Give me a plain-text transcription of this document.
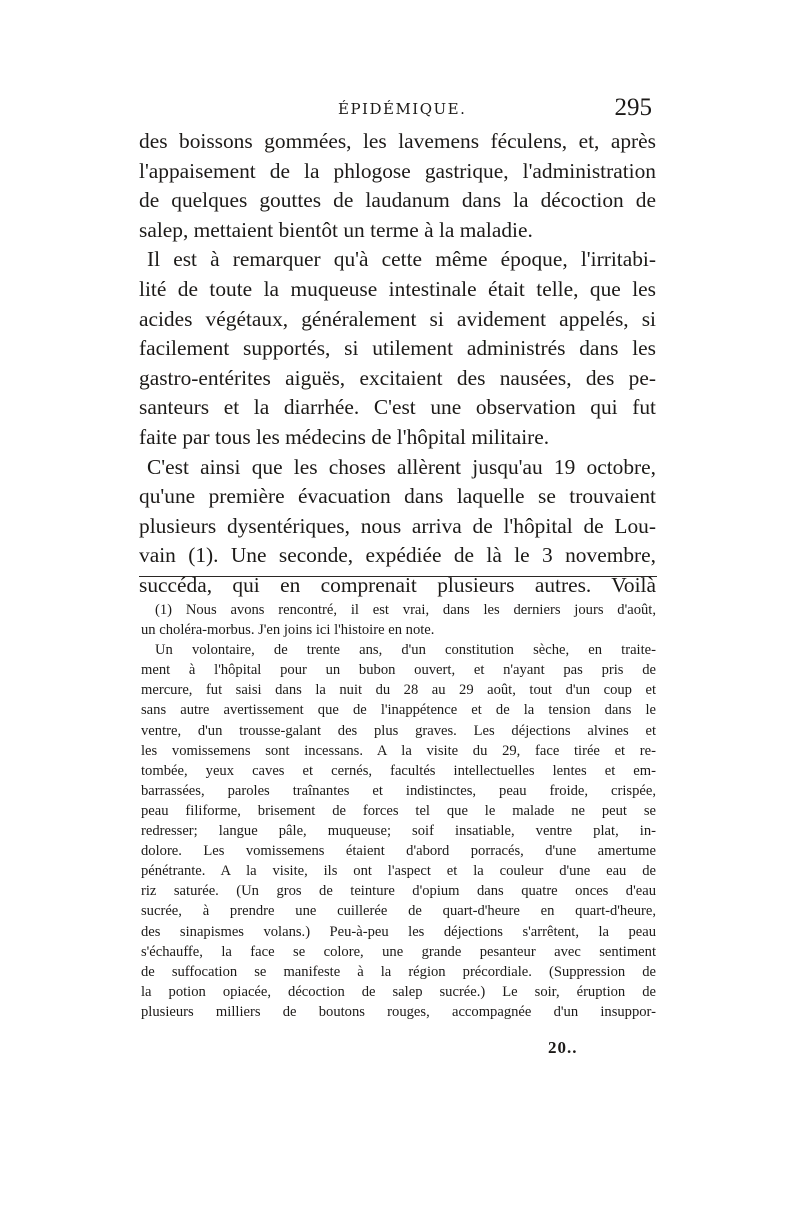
ÉPIDÉMIQUE.	295
des boissons gommées, les lavemens féculens, et, après
l'appaisement de la phlogose gastrique, l'administration
de quelques gouttes de laudanum dans la décoction de
salep, mettaient bientôt un terme à la maladie.
Il est à remarquer qu'à cette même époque, l'irritabi-
lité de toute la muqueuse intestinale était telle, que les
acides végétaux, généralement si avidement appelés, si
facilement supportés, si utilement administrés dans les
gastro-entérites aiguës, excitaient des nausées, des pe-
santeurs et la diarrhée. C'est une observation qui fut
faite par tous les médecins de l'hôpital militaire.
C'est ainsi que les choses allèrent jusqu'au 19 octobre,
qu'une première évacuation dans laquelle se trouvaient
plusieurs dysentériques, nous arriva de l'hôpital de Lou-
vain (1). Une seconde, expédiée de là le 3 novembre,
succéda, qui en comprenait plusieurs autres. Voilà
(1) Nous avons rencontré, il est vrai, dans les derniers jours d'août,
un choléra-morbus. J'en joins ici l'histoire en note.
Un volontaire, de trente ans, d'un constitution sèche, en traite-
ment à l'hôpital pour un bubon ouvert, et n'ayant pas pris de
mercure, fut saisi dans la nuit du 28 au 29 août, tout d'un coup et
sans autre avertissement que de l'inappétence et de la tension dans le
ventre, d'un trousse-galant des plus graves. Les déjections alvines et
les vomissemens sont incessans. A la visite du 29, face tirée et re-
tombée, yeux caves et cernés, facultés intellectuelles lentes et em-
barrassées, paroles traînantes et indistinctes, peau froide, crispée,
peau filiforme, brisement de forces tel que le malade ne peut se
redresser; langue pâle, muqueuse; soif insatiable, ventre plat, in-
dolore. Les vomissemens étaient d'abord porracés, d'une amertume
pénétrante. A la visite, ils ont l'aspect et la couleur d'une eau de
riz saturée. (Un gros de teinture d'opium dans quatre onces d'eau
sucrée, à prendre une cuillerée de quart-d'heure en quart-d'heure,
des sinapismes volans.) Peu-à-peu les déjections s'arrêtent, la peau
s'échauffe, la face se colore, une grande pesanteur avec sentiment
de suffocation se manifeste à la région précordiale. (Suppression de
la potion opiacée, décoction de salep sucrée.) Le soir, éruption de
plusieurs milliers de boutons rouges, accompagnée d'un insuppor-
20..
